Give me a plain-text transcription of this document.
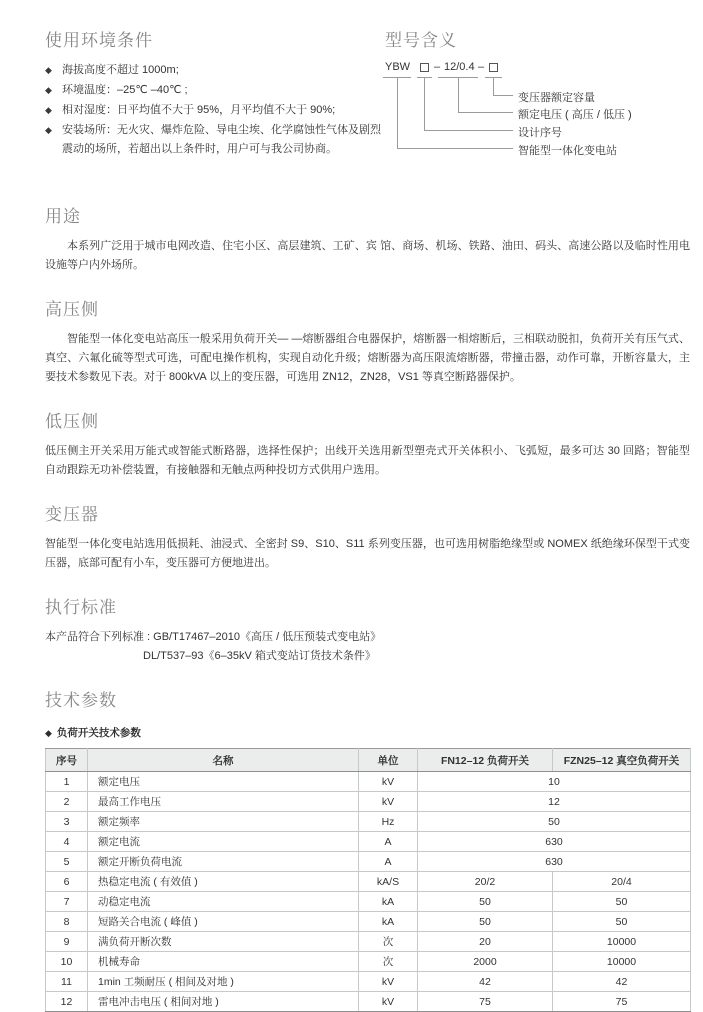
使用环境条件
◆ 海拔高度不超过 1000m;
◆ 环境温度：–25℃ –40℃ ;
◆ 相对湿度：日平均值不大于 95%，月平均值不大于 90%;
◆ 安装场所：无火灾、爆炸危险、导电尘埃、化学腐蚀性气体及剧烈震动的场所，若超出以上条件时，用户可与我公司协商。
型号含义
YBW – 12/0.4 –
变压器额定容量
额定电压 ( 高压 / 低压 )
设计序号
智能型一体化变电站
用途

本系列广泛用于城市电网改造、住宅小区、高层建筑、工矿、宾 馆、商场、机场、铁路、油田、码头、高速公路以及临时性用电设施等户内外场所。

高压侧

智能型一体化变电站高压一般采用负荷开关— —熔断器组合电器保护，熔断器一相熔断后，三相联动脱扣，负荷开关有压气式、真空、六氟化硫等型式可选，可配电操作机构，实现自动化升级；熔断器为高压限流熔断器，带撞击器，动作可靠，开断容量大，主要技术参数见下表。对于 800kVA 以上的变压器，可选用 ZN12，ZN28，VS1 等真空断路器保护。

低压侧

低压侧主开关采用万能式或智能式断路器，选择性保护；出线开关选用新型塑壳式开关体积小、飞弧短，最多可达 30 回路；智能型自动跟踪无功补偿装置，有接触器和无触点两种投切方式供用户选用。

变压器

智能型一体化变电站选用低损耗、油浸式、全密封 S9、S10、S11 系列变压器，也可选用树脂绝缘型或 NOMEX 纸绝缘环保型干式变压器，底部可配有小车，变压器可方便地进出。

执行标准
本产品符合下列标准 : GB/T17467–2010《高压 / 低压预装式变电站》
DL/T537–93《6–35kV 箱式变站订货技术条件》
技术参数
◆ 负荷开关技术参数
序号	名称	单位	FN12–12 负荷开关	FZN25–12 真空负荷开关
1	额定电压	kV	10	
2	最高工作电压	kV	12	
3	额定频率	Hz	50	
4	额定电流	A	630	
5	额定开断负荷电流	A	630	
6	热稳定电流 ( 有效值 )	kA/S	20/2	20/4
7	动稳定电流	kA	50	50
8	短路关合电流 ( 峰值 )	kA	50	50
9	满负荷开断次数	次	20	10000
10	机械寿命	次	2000	10000
11	1min 工频耐压 ( 相间及对地 )	kV	42	42
12	雷电冲击电压 ( 相间对地 )	kV	75	75
